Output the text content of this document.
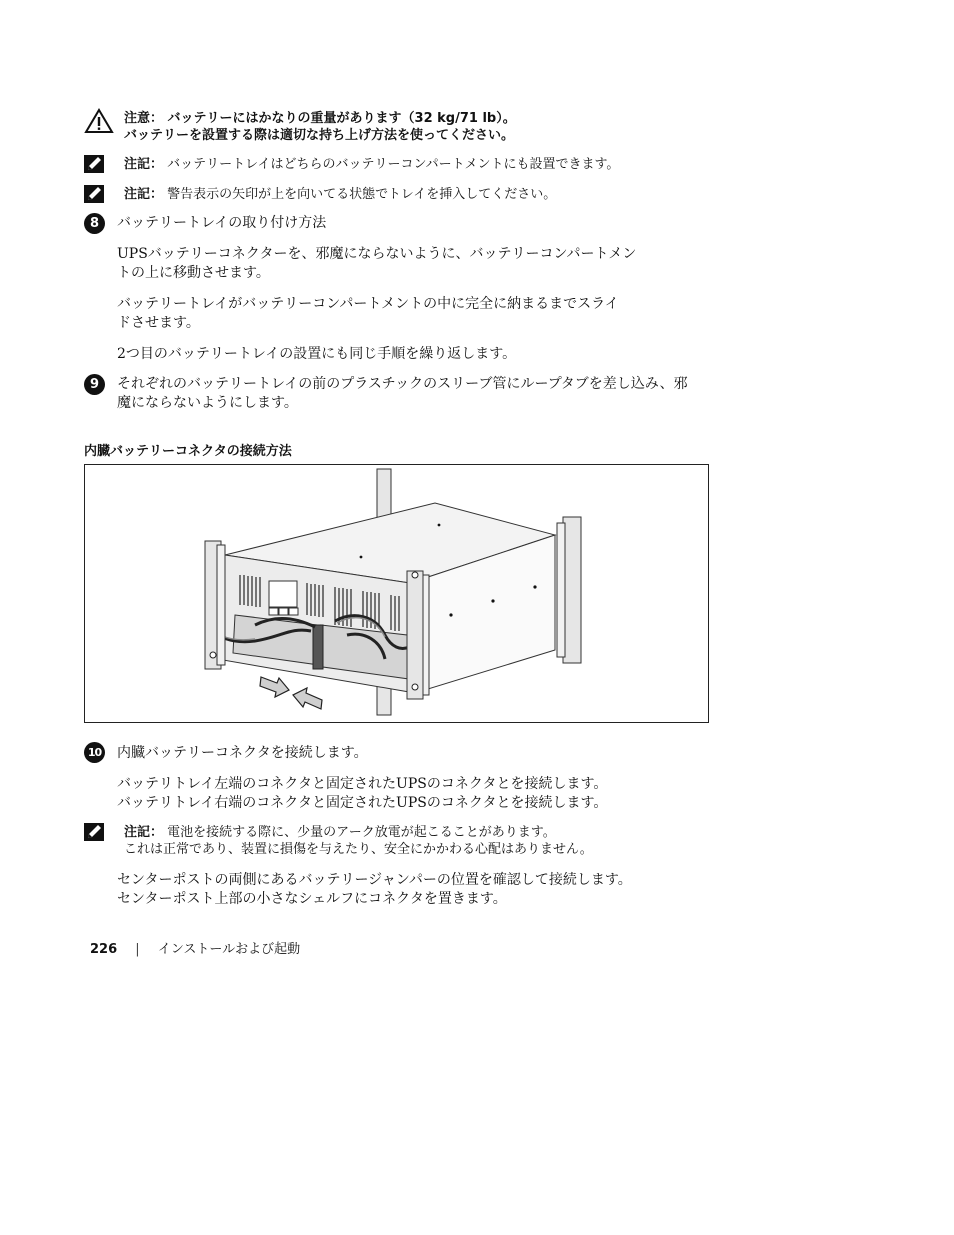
注意： バッテリーにはかなりの重量があります（32 kg/71 lb）。
バッテリーを設置する際は適切な持ち上げ方法を使ってください。
注記： バッテリートレイはどちらのバッテリーコンパートメントにも設置できます。
注記： 警告表示の矢印が上を向いてる状態でトレイを挿入してください。
8	バッテリートレイの取り付け方法
UPSバッテリーコネクターを、邪魔にならないように、バッテリーコンパートメン
トの上に移動させます。
バッテリートレイがバッテリーコンパートメントの中に完全に納まるまでスライ
ドさせます。
2つ目のバッテリートレイの設置にも同じ手順を繰り返します。
9	それぞれのバッテリートレイの前のプラスチックのスリーブ管にループタブを差し込み、邪
魔にならないようにします。
内臓バッテリーコネクタの接続方法
10 内臓バッテリーコネクタを接続します。
バッテリトレイ左端のコネクタと固定されたUPSのコネクタとを接続します。
バッテリトレイ右端のコネクタと固定されたUPSのコネクタとを接続します。
注記： 電池を接続する際に、少量のアーク放電が起こることがあります。
これは正常であり、装置に損傷を与えたり、安全にかかわる心配はありません。
センターポストの両側にあるバッテリージャンパーの位置を確認して接続します。
センターポスト上部の小さなシェルフにコネクタを置きます。
226 | インストールおよび起動
